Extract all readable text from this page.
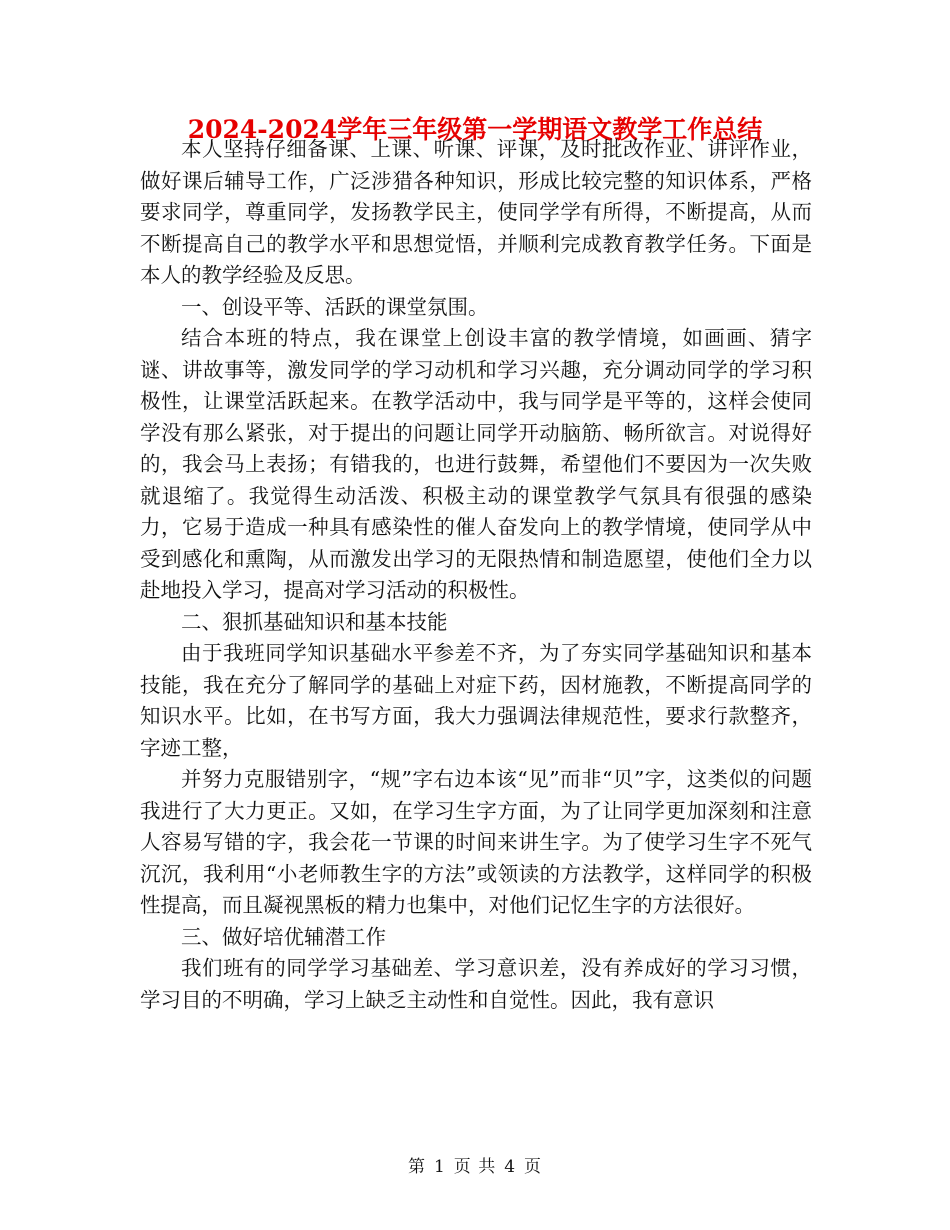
2024-2024学年三年级第一学期语文教学工作总结

本人坚持仔细备课、上课、听课、评课，及时批改作业、讲评作业，做好课后辅导工作，广泛涉猎各种知识，形成比较完整的知识体系，严格要求同学，尊重同学，发扬教学民主，使同学学有所得，不断提高，从而不断提高自己的教学水平和思想觉悟，并顺利完成教育教学任务。下面是本人的教学经验及反思。

一、创设平等、活跃的课堂氛围。

结合本班的特点，我在课堂上创设丰富的教学情境，如画画、猜字谜、讲故事等，激发同学的学习动机和学习兴趣，充分调动同学的学习积极性，让课堂活跃起来。在教学活动中，我与同学是平等的，这样会使同学没有那么紧张，对于提出的问题让同学开动脑筋、畅所欲言。对说得好的，我会马上表扬；有错我的，也进行鼓舞，希望他们不要因为一次失败就退缩了。我觉得生动活泼、积极主动的课堂教学气氛具有很强的感染力，它易于造成一种具有感染性的催人奋发向上的教学情境，使同学从中受到感化和熏陶，从而激发出学习的无限热情和制造愿望，使他们全力以赴地投入学习，提高对学习活动的积极性。

二、狠抓基础知识和基本技能

由于我班同学知识基础水平参差不齐，为了夯实同学基础知识和基本技能，我在充分了解同学的基础上对症下药，因材施教，不断提高同学的知识水平。比如，在书写方面，我大力强调法律规范性，要求行款整齐，字迹工整，

并努力克服错别字，“规”字右边本该“见”而非“贝”字，这类似的问题我进行了大力更正。又如，在学习生字方面，为了让同学更加深刻和注意人容易写错的字，我会花一节课的时间来讲生字。为了使学习生字不死气沉沉，我利用“小老师教生字的方法”或领读的方法教学，这样同学的积极性提高，而且凝视黑板的精力也集中，对他们记忆生字的方法很好。

三、做好培优辅潜工作

我们班有的同学学习基础差、学习意识差，没有养成好的学习习惯，学习目的不明确，学习上缺乏主动性和自觉性。因此，我有意识

第 1 页 共 4 页
